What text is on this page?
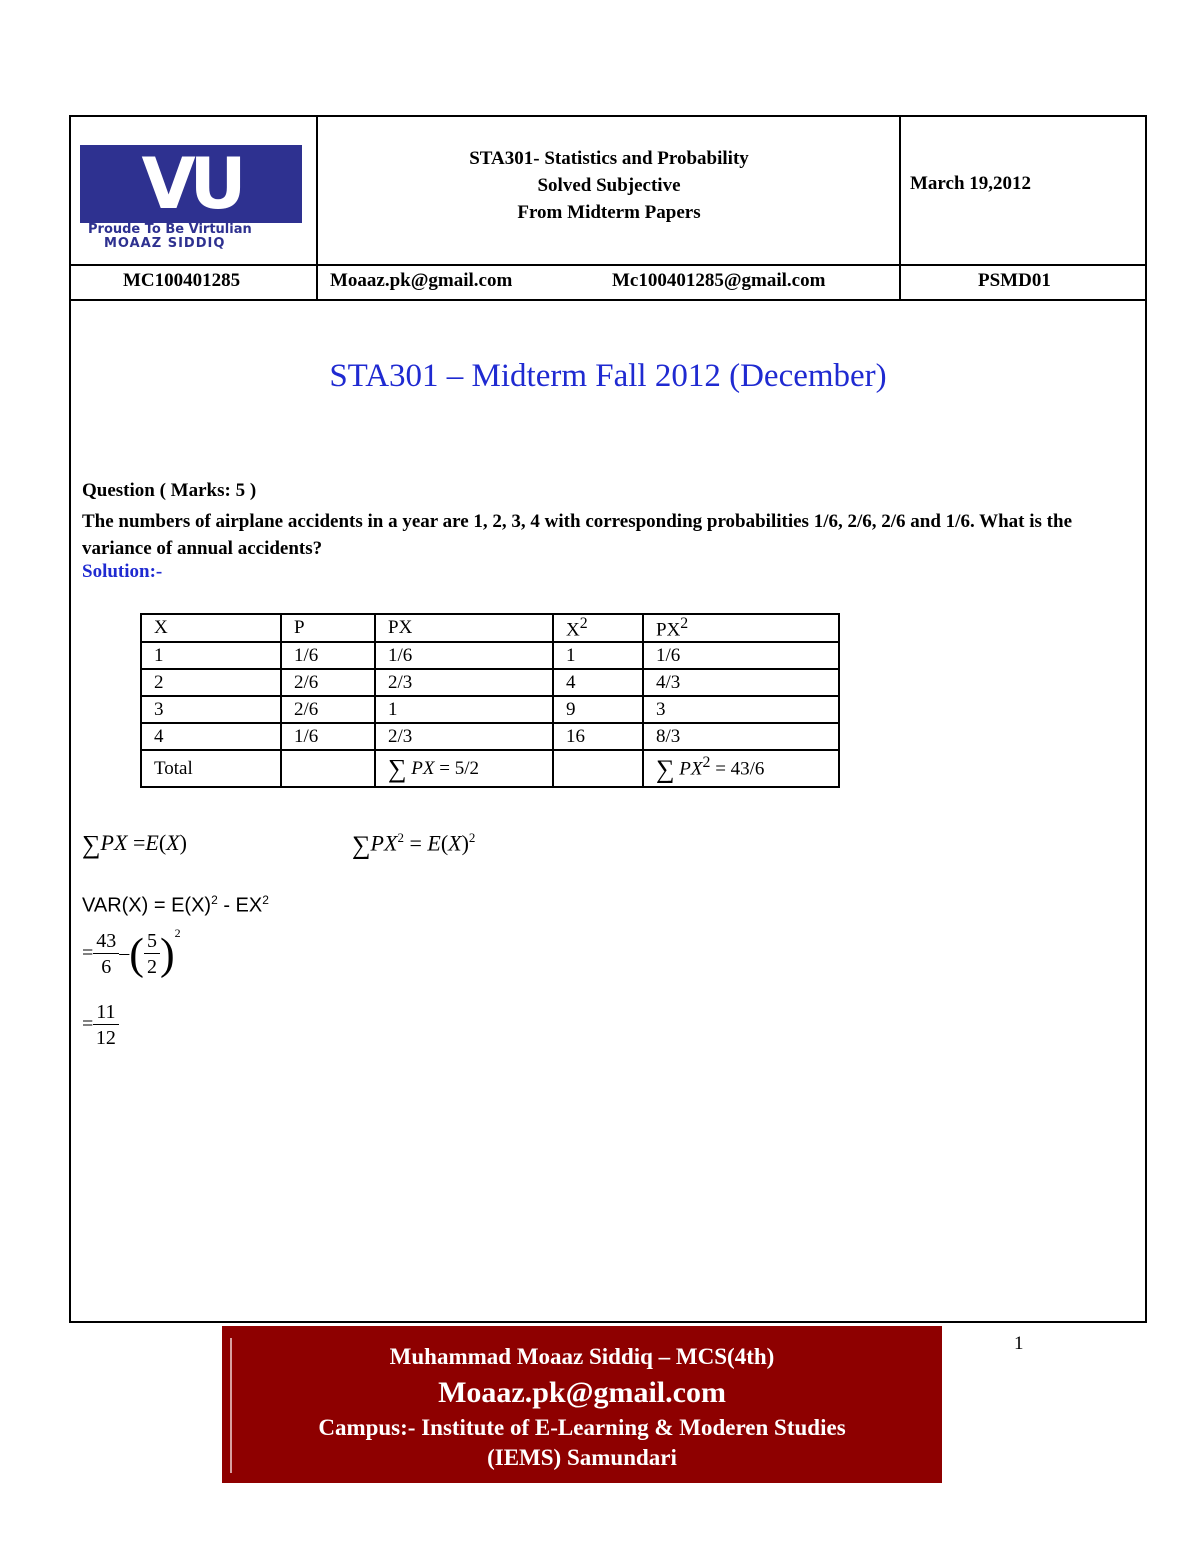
VU
Proude To Be Virtulian
MOAAZ SIDDIQ
STA301- Statistics and Probability
Solved Subjective
From Midterm Papers
March 19,2012
MC100401285	Moaaz.pk@gmail.com	Mc100401285@gmail.com	PSMD01
STA301 – Midterm Fall 2012 (December)
Question ( Marks: 5 )
The numbers of airplane accidents in a year are 1, 2, 3, 4 with corresponding probabilities 1/6, 2/6, 2/6 and 1/6. What is the variance of annual accidents?
Solution:-
X	P	PX	$X^2$	$PX^2$
1	1/6	1/6	1	1/6
2	2/6	2/3	4	4/3
3	2/6	1	9	3
4	1/6	2/3	16	8/3
Total		∑ PX = 5/2		∑ $PX^2 = 43/6$
∑PX =E(X)	$\sum PX^2 = E(X)^2$
$VAR(X) = E(X)^2 - EX^2$
= $\frac{43}{6}$ –( $\frac{5}{2} )^2$
= $\frac{11}{12}$
1
Muhammad Moaaz Siddiq – MCS(4th)
Moaaz.pk@gmail.com
Campus:- Institute of E-Learning & Moderen Studies
(IEMS) Samundari
